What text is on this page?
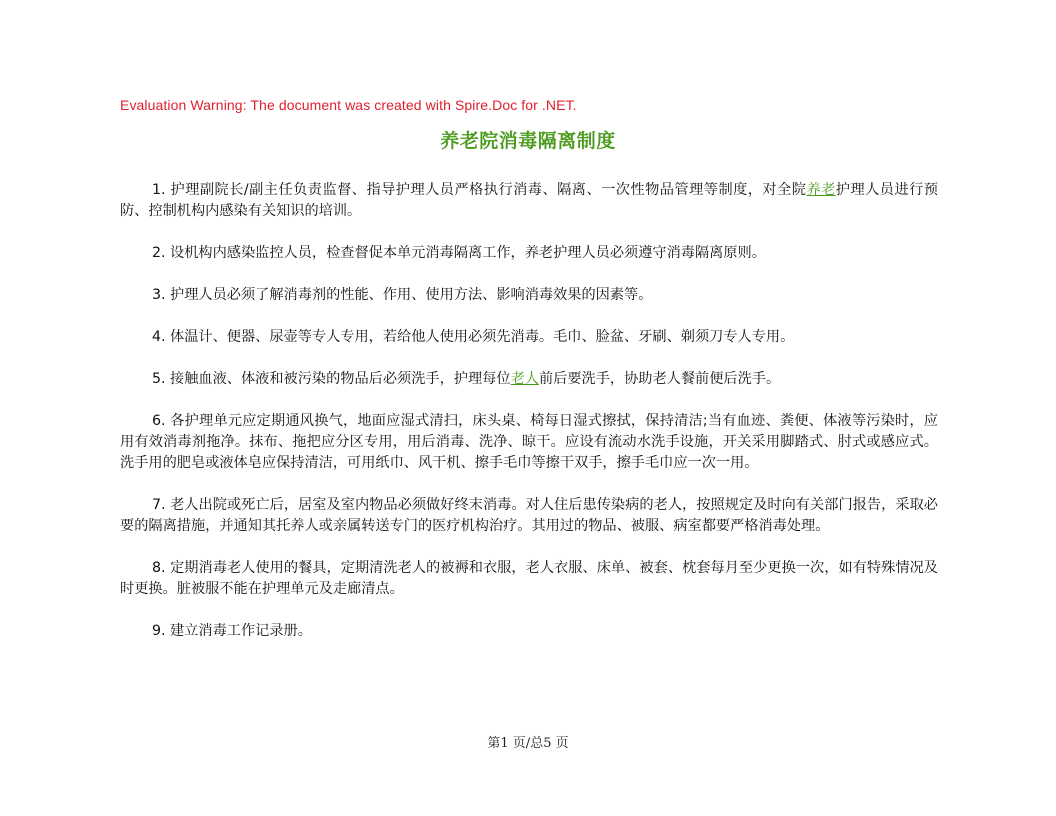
Evaluation Warning: The document was created with Spire.Doc for .NET.
养老院消毒隔离制度

1. 护理副院长/副主任负责监督、指导护理人员严格执行消毒、隔离、一次性物品管理等制度，对全院养老护理人员进行预防、控制机构内感染有关知识的培训。

2. 设机构内感染监控人员，检查督促本单元消毒隔离工作，养老护理人员必须遵守消毒隔离原则。

3. 护理人员必须了解消毒剂的性能、作用、使用方法、影响消毒效果的因素等。

4. 体温计、便器、尿壶等专人专用，若给他人使用必须先消毒。毛巾、脸盆、牙刷、剃须刀专人专用。

5. 接触血液、体液和被污染的物品后必须洗手，护理每位老人前后要洗手，协助老人餐前便后洗手。

6. 各护理单元应定期通风换气，地面应湿式清扫，床头桌、椅每日湿式擦拭，保持清洁;当有血迹、粪便、体液等污染时，应用有效消毒剂拖净。抹布、拖把应分区专用，用后消毒、洗净、晾干。应设有流动水洗手设施，开关采用脚踏式、肘式或感应式。洗手用的肥皂或液体皂应保持清洁，可用纸巾、风干机、擦手毛巾等擦干双手，擦手毛巾应一次一用。

7. 老人出院或死亡后，居室及室内物品必须做好终末消毒。对人住后患传染病的老人，按照规定及时向有关部门报告，采取必要的隔离措施，并通知其托养人或亲属转送专门的医疗机构治疗。其用过的物品、被服、病室都要严格消毒处理。

8. 定期消毒老人使用的餐具，定期清洗老人的被褥和衣服，老人衣服、床单、被套、枕套每月至少更换一次，如有特殊情况及时更换。脏被服不能在护理单元及走廊清点。

9. 建立消毒工作记录册。

第1 页/总5 页
